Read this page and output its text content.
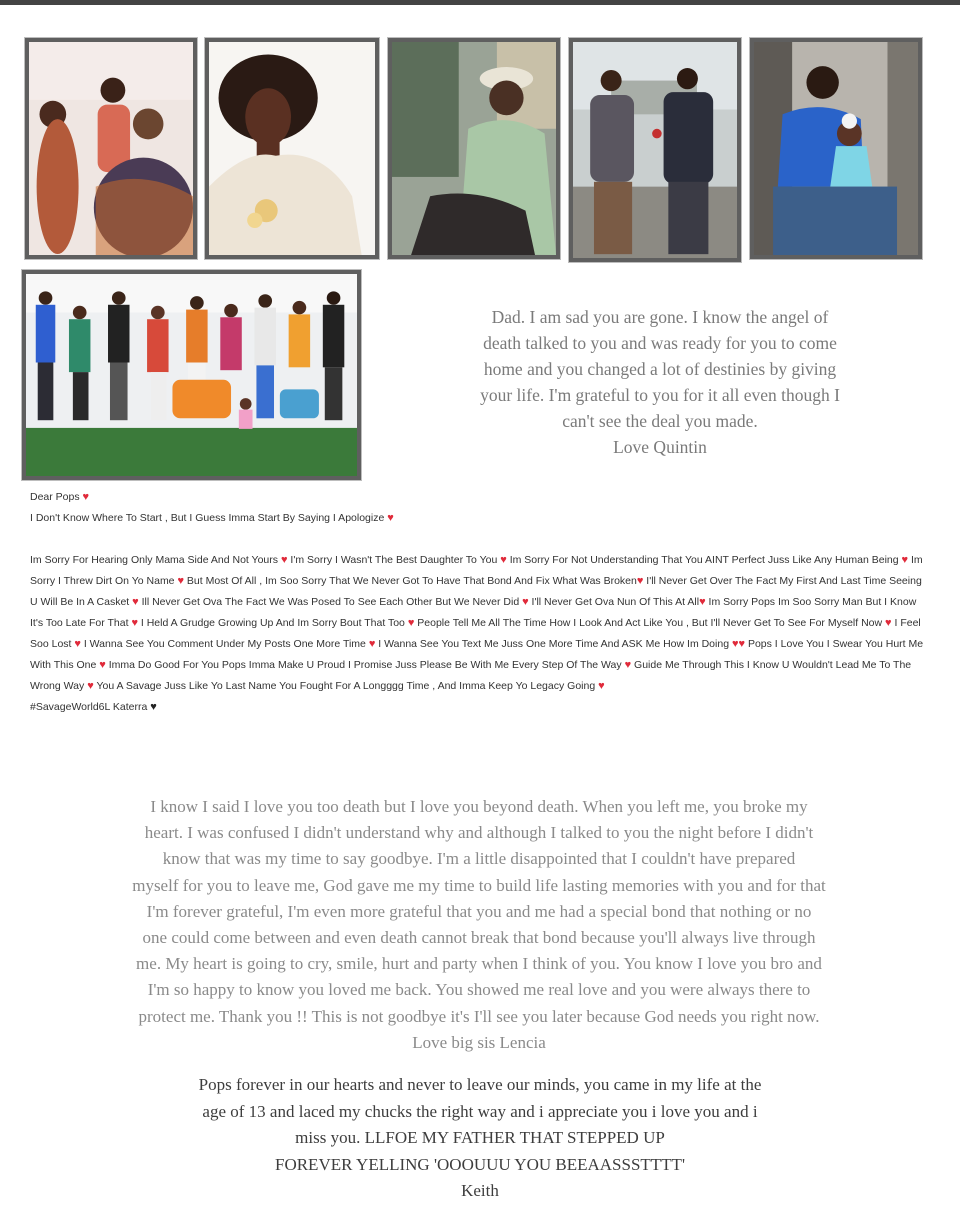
Dad. I am sad you are gone. I know the angel of

death talked to you and was ready for you to come

home and you changed a lot of destinies by giving

your life. I'm grateful to you for it all even though I

can't see the deal you made.

Love Quintin

Dear Pops ♥

I Don't Know Where To Start , But I Guess Imma Start By Saying I Apologize ♥

Im Sorry For Hearing Only Mama Side And Not Yours ♥ I'm Sorry I Wasn't The Best Daughter To You ♥ Im Sorry For Not Understanding That You AINT Perfect Juss Like Any Human Being ♥ Im Sorry I Threw Dirt On Yo Name ♥ But Most Of All , Im Soo Sorry That We Never Got To Have That Bond And Fix What Was Broken♥ I'll Never Get Over The Fact My First And Last Time Seeing U Will Be In A Casket ♥ Ill Never Get Ova The Fact We Was Posed To See Each Other But We Never Did ♥ I'll Never Get Ova Nun Of This At All♥ Im Sorry Pops Im Soo Sorry Man But I Know It's Too Late For That ♥ I Held A Grudge Growing Up And Im Sorry Bout That Too ♥ People Tell Me All The Time How I Look And Act Like You , But I'll Never Get To See For Myself Now ♥ I Feel Soo Lost ♥ I Wanna See You Comment Under My Posts One More Time ♥ I Wanna See You Text Me Juss One More Time And ASK Me How Im Doing ♥♥ Pops I Love You I Swear You Hurt Me With This One ♥ Imma Do Good For You Pops Imma Make U Proud I Promise Juss Please Be With Me Every Step Of The Way ♥ Guide Me Through This I Know U Wouldn't Lead Me To The Wrong Way ♥ You A Savage Juss Like Yo Last Name You Fought For A Longggg Time , And Imma Keep Yo Legacy Going ♥

#SavageWorld6L Katerra ♥

I know I said I love you too death but I love you beyond death. When you left me, you broke my

heart. I was confused I didn't understand why and although I talked to you the night before I didn't

know that was my time to say goodbye. I'm a little disappointed that I couldn't have prepared

myself for you to leave me, God gave me my time to build life lasting memories with you and for that

I'm forever grateful, I'm even more grateful that you and me had a special bond that nothing or no

one could come between and even death cannot break that bond because you'll always live through

me. My heart is going to cry, smile, hurt and party when I think of you. You know I love you bro and

I'm so happy to know you loved me back. You showed me real love and you were always there to

protect me. Thank you !! This is not goodbye it's I'll see you later because God needs you right now.

Love big sis Lencia

Pops forever in our hearts and never to leave our minds, you came in my life at the

age of 13 and laced my chucks the right way and i appreciate you i love you and i

miss you. LLFOE MY FATHER THAT STEPPED UP

FOREVER YELLING 'OOOUUU YOU BEEAASSSTTTT'

Keith
